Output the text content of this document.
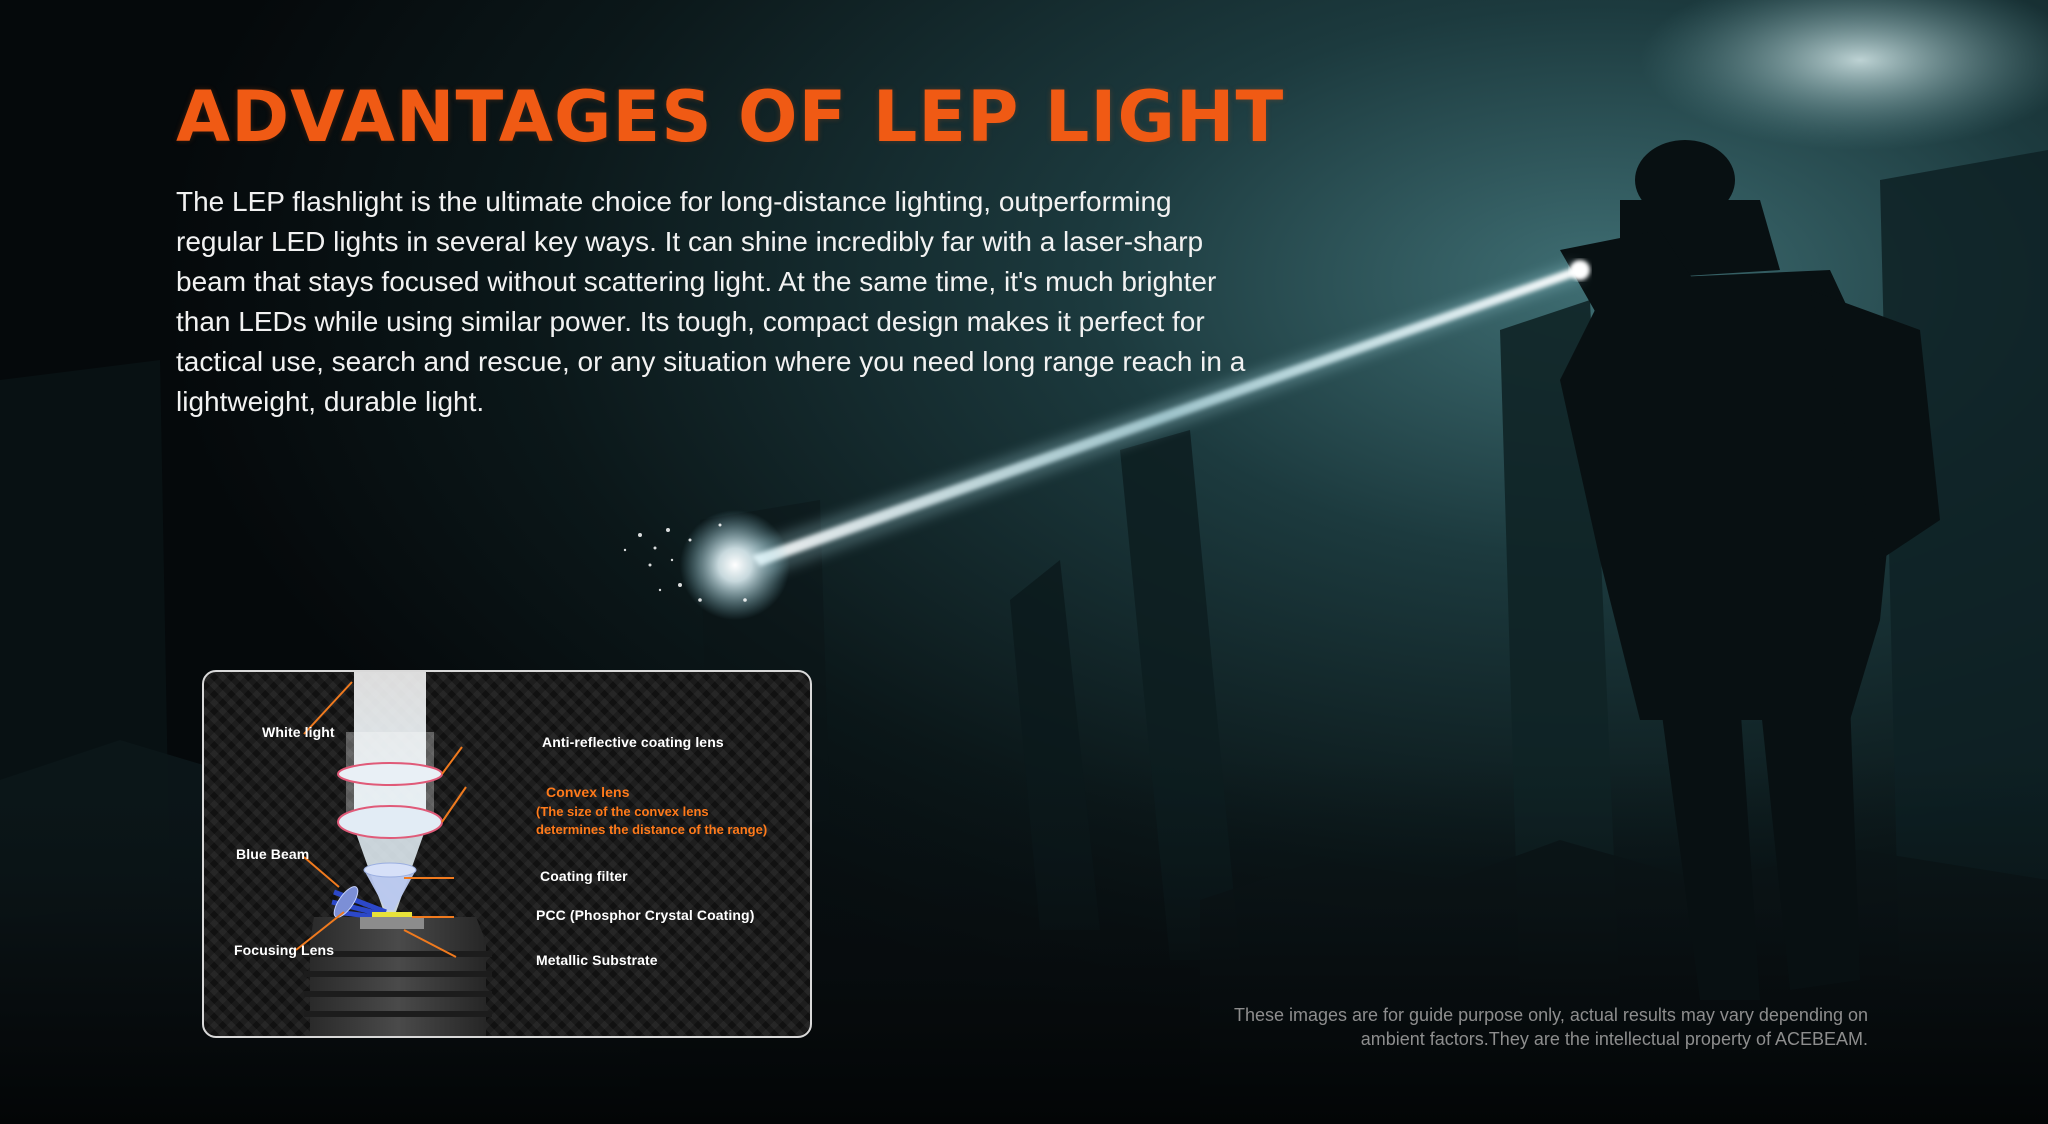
ADVANTAGES OF LEP LIGHT

The LEP flashlight is the ultimate choice for long-distance lighting, outperforming regular LED lights in several key ways. It can shine incredibly far with a laser-sharp beam that stays focused without scattering light. At the same time, it's much brighter than LEDs while using similar power. Its tough, compact design makes it perfect for tactical use, search and rescue, or any situation where you need long range reach in a lightweight, durable light.

White light
Anti-reflective coating lens
Convex lens
(The size of the convex lens
determines the distance of the range)
Blue Beam
Coating filter
PCC (Phosphor Crystal Coating)
Focusing Lens
Metallic Substrate

These images are for guide purpose only, actual results may vary depending on
ambient factors.They are the intellectual property of ACEBEAM.
